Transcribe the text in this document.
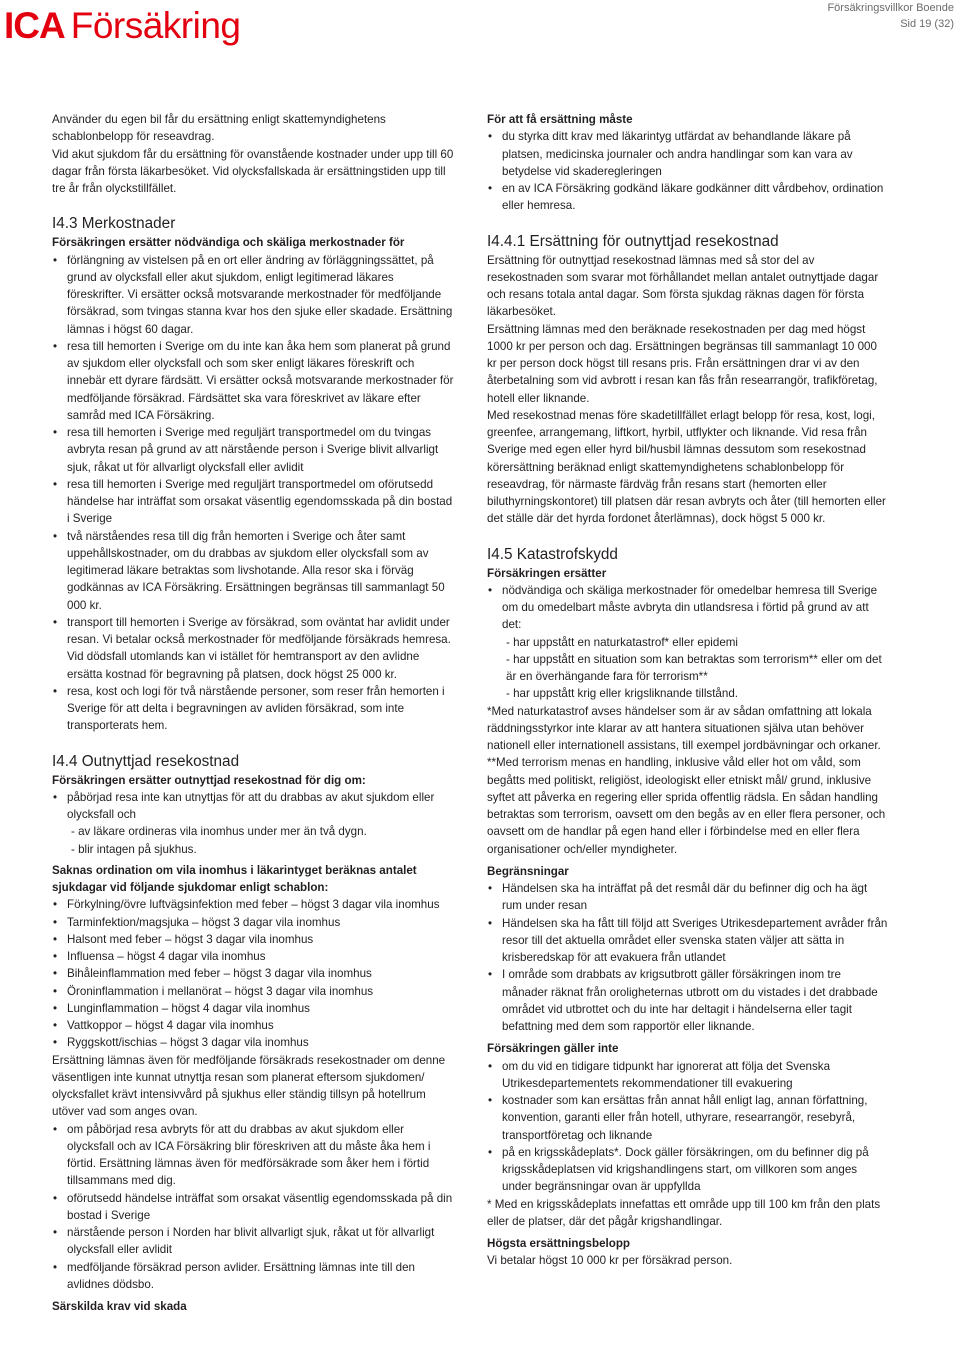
ICA Försäkring	Försäkringsvillkor Boende
Sid 19 (32)

Använder du egen bil får du ersättning enligt skattemyndighetens schablonbelopp för reseavdrag.

Vid akut sjukdom får du ersättning för ovanstående kostnader under upp till 60 dagar från första läkarbesöket. Vid olycksfallskada är ersättningstiden upp till tre år från olyckstillfället.

I4.3 Merkostnader

Försäkringen ersätter nödvändiga och skäliga merkostnader för

• förlängning av vistelsen på en ort eller ändring av förläggningssättet, på grund av olycksfall eller akut sjukdom, enligt legitimerad läkares föreskrifter. Vi ersätter också motsvarande merkostnader för medföljande försäkrad, som tvingas stanna kvar hos den sjuke eller skadade. Ersättning lämnas i högst 60 dagar.
• resa till hemorten i Sverige om du inte kan åka hem som planerat på grund av sjukdom eller olycksfall och som sker enligt läkares föreskrift och innebär ett dyrare färdsätt. Vi ersätter också motsvarande merkostnader för medföljande försäkrad. Färdsättet ska vara föreskrivet av läkare efter samråd med ICA Försäkring.
• resa till hemorten i Sverige med reguljärt transportmedel om du tvingas avbryta resan på grund av att närstående person i Sverige blivit allvarligt sjuk, råkat ut för allvarligt olycksfall eller avlidit
• resa till hemorten i Sverige med reguljärt transportmedel om oförutsedd händelse har inträffat som orsakat väsentlig egendomsskada på din bostad i Sverige
• två närståendes resa till dig från hemorten i Sverige och åter samt uppehållskostnader, om du drabbas av sjukdom eller olycksfall som av legitimerad läkare betraktas som livshotande. Alla resor ska i förväg godkännas av ICA Försäkring. Ersättningen begränsas till sammanlagt 50 000 kr.
• transport till hemorten i Sverige av försäkrad, som oväntat har avlidit under resan. Vi betalar också merkostnader för medföljande försäkrads hemresa. Vid dödsfall utomlands kan vi istället för hemtransport av den avlidne ersätta kostnad för begravning på platsen, dock högst 25 000 kr.
• resa, kost och logi för två närstående personer, som reser från hemorten i Sverige för att delta i begravningen av avliden försäkrad, som inte transporterats hem.
I4.4 Outnyttjad resekostnad

Försäkringen ersätter outnyttjad resekostnad för dig om:

• påbörjad resa inte kan utnyttjas för att du drabbas av akut sjukdom eller olycksfall och

- av läkare ordineras vila inomhus under mer än två dygn.

- blir intagen på sjukhus.

Saknas ordination om vila inomhus i läkarintyget beräknas antalet sjukdagar vid följande sjukdomar enligt schablon:

• Förkylning/övre luftvägsinfektion med feber – högst 3 dagar vila inomhus
• Tarminfektion/magsjuka – högst 3 dagar vila inomhus
• Halsont med feber – högst 3 dagar vila inomhus
• Influensa – högst 4 dagar vila inomhus
• Bihåleinflammation med feber – högst 3 dagar vila inomhus
• Öroninflammation i mellanörat – högst 3 dagar vila inomhus
• Lunginflammation – högst 4 dagar vila inomhus
• Vattkoppor – högst 4 dagar vila inomhus
• Ryggskott/ischias – högst 3 dagar vila inomhus

Ersättning lämnas även för medföljande försäkrads resekostnader om denne väsentligen inte kunnat utnyttja resan som planerat eftersom sjukdomen/ olycksfallet krävt intensivvård på sjukhus eller ständig tillsyn på hotellrum utöver vad som anges ovan.

• om påbörjad resa avbryts för att du drabbas av akut sjukdom eller olycksfall och av ICA Försäkring blir föreskriven att du måste åka hem i förtid. Ersättning lämnas även för medförsäkrade som åker hem i förtid tillsammans med dig.
• oförutsedd händelse inträffat som orsakat väsentlig egendomsskada på din bostad i Sverige
• närstående person i Norden har blivit allvarligt sjuk, råkat ut för allvarligt olycksfall eller avlidit
• medföljande försäkrad person avlider. Ersättning lämnas inte till den avlidnes dödsbo.

Särskilda krav vid skada

För att få ersättning måste

• du styrka ditt krav med läkarintyg utfärdat av behandlande läkare på platsen, medicinska journaler och andra handlingar som kan vara av betydelse vid skaderegleringen
• en av ICA Försäkring godkänd läkare godkänner ditt vårdbehov, ordination eller hemresa.
I4.4.1 Ersättning för outnyttjad resekostnad

Ersättning för outnyttjad resekostnad lämnas med så stor del av resekostnaden som svarar mot förhållandet mellan antalet outnyttjade dagar och resans totala antal dagar. Som första sjukdag räknas dagen för första läkarbesöket.

Ersättning lämnas med den beräknade resekostnaden per dag med högst 1000 kr per person och dag. Ersättningen begränsas till sammanlagt 10 000 kr per person dock högst till resans pris. Från ersättningen drar vi av den återbetalning som vid avbrott i resan kan fås från researrangör, trafikföretag, hotell eller liknande.

Med resekostnad menas före skadetillfället erlagt belopp för resa, kost, logi, greenfee, arrangemang, liftkort, hyrbil, utflykter och liknande. Vid resa från Sverige med egen eller hyrd bil/husbil lämnas dessutom som resekostnad körersättning beräknad enligt skattemyndighetens schablonbelopp för reseavdrag, för närmaste färdväg från resans start (hemorten eller biluthyrningskontoret) till platsen där resan avbryts och åter (till hemorten eller det ställe där det hyrda fordonet återlämnas), dock högst 5 000 kr.

I4.5 Katastrofskydd

Försäkringen ersätter

• nödvändiga och skäliga merkostnader för omedelbar hemresa till Sverige om du omedelbart måste avbryta din utlandsresa i förtid på grund av att det:

- har uppstått en naturkatastrof* eller epidemi

- har uppstått en situation som kan betraktas som terrorism** eller om det är en överhängande fara för terrorism**

- har uppstått krig eller krigsliknande tillstånd.

*Med naturkatastrof avses händelser som är av sådan omfattning att lokala räddningsstyrkor inte klarar av att hantera situationen själva utan behöver nationell eller internationell assistans, till exempel jordbävningar och orkaner.

**Med terrorism menas en handling, inklusive våld eller hot om våld, som begåtts med politiskt, religiöst, ideologiskt eller etniskt mål/ grund, inklusive syftet att påverka en regering eller sprida offentlig rädsla. En sådan handling betraktas som terrorism, oavsett om den begås av en eller flera personer, och oavsett om de handlar på egen hand eller i förbindelse med en eller flera organisationer och/eller myndigheter.

Begränsningar

• Händelsen ska ha inträffat på det resmål där du befinner dig och ha ägt rum under resan
• Händelsen ska ha fått till följd att Sveriges Utrikesdepartement avråder från resor till det aktuella området eller svenska staten väljer att sätta in krisberedskap för att evakuera från utlandet
• I område som drabbats av krigsutbrott gäller försäkringen inom tre månader räknat från oroligheternas utbrott om du vistades i det drabbade området vid utbrottet och du inte har deltagit i händelserna eller tagit befattning med dem som rapportör eller liknande.

Försäkringen gäller inte

• om du vid en tidigare tidpunkt har ignorerat att följa det Svenska Utrikesdepartementets rekommendationer till evakuering
• kostnader som kan ersättas från annat håll enligt lag, annan författning, konvention, garanti eller från hotell, uthyrare, researrangör, resebyrå, transportföretag och liknande
• på en krigsskådeplats*. Dock gäller försäkringen, om du befinner dig på krigsskådeplatsen vid krigshandlingens start, om villkoren som anges under begränsningar ovan är uppfyllda

* Med en krigsskådeplats innefattas ett område upp till 100 km från den plats eller de platser, där det pågår krigshandlingar.

Högsta ersättningsbelopp

Vi betalar högst 10 000 kr per försäkrad person.
